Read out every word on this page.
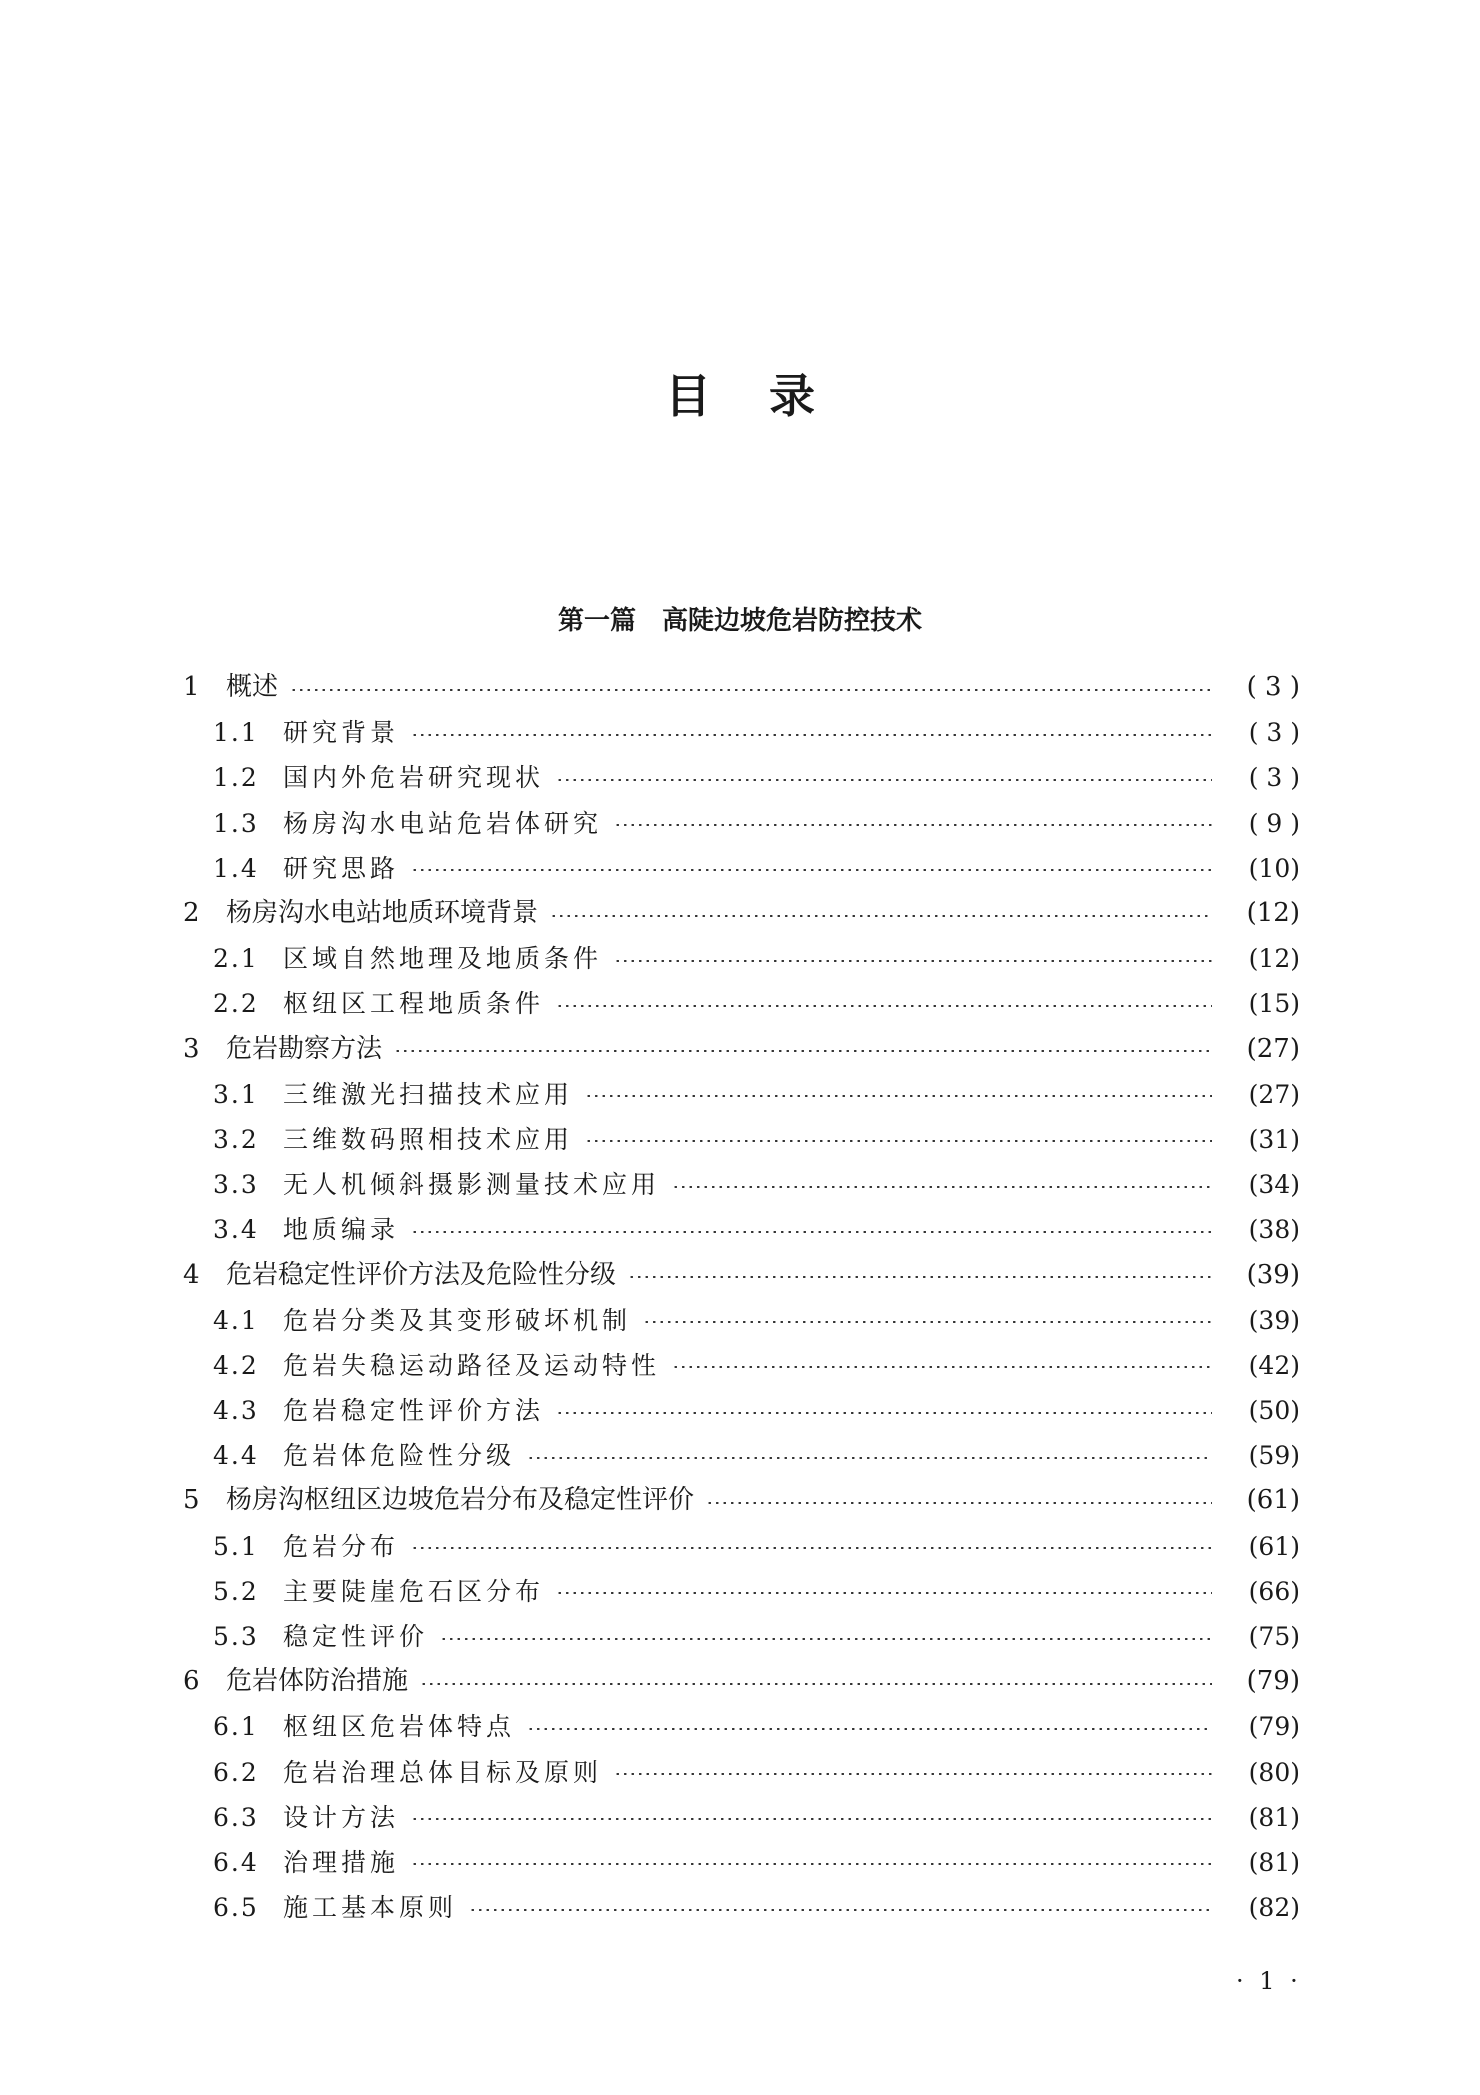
目录
第一篇　高陡边坡危岩防控技术
1	概述	( 3 )
1.1 研究背景	( 3 )
1.2 国内外危岩研究现状	( 3 )
1.3 杨房沟水电站危岩体研究	( 9 )
1.4 研究思路	(10)
2	杨房沟水电站地质环境背景	(12)
2.1 区域自然地理及地质条件	(12)
2.2 枢纽区工程地质条件	(15)
3	危岩勘察方法	(27)
3.1 三维激光扫描技术应用	(27)
3.2 三维数码照相技术应用	(31)
3.3 无人机倾斜摄影测量技术应用	(34)
3.4 地质编录	(38)
4	危岩稳定性评价方法及危险性分级	(39)
4.1 危岩分类及其变形破坏机制	(39)
4.2 危岩失稳运动路径及运动特性	(42)
4.3 危岩稳定性评价方法	(50)
4.4 危岩体危险性分级	(59)
5	杨房沟枢纽区边坡危岩分布及稳定性评价	(61)
5.1 危岩分布	(61)
5.2 主要陡崖危石区分布	(66)
5.3 稳定性评价	(75)
6	危岩体防治措施	(79)
6.1 枢纽区危岩体特点	(79)
6.2 危岩治理总体目标及原则	(80)
6.3 设计方法	(81)
6.4 治理措施	(81)
6.5 施工基本原则	(82)
· 1 ·
